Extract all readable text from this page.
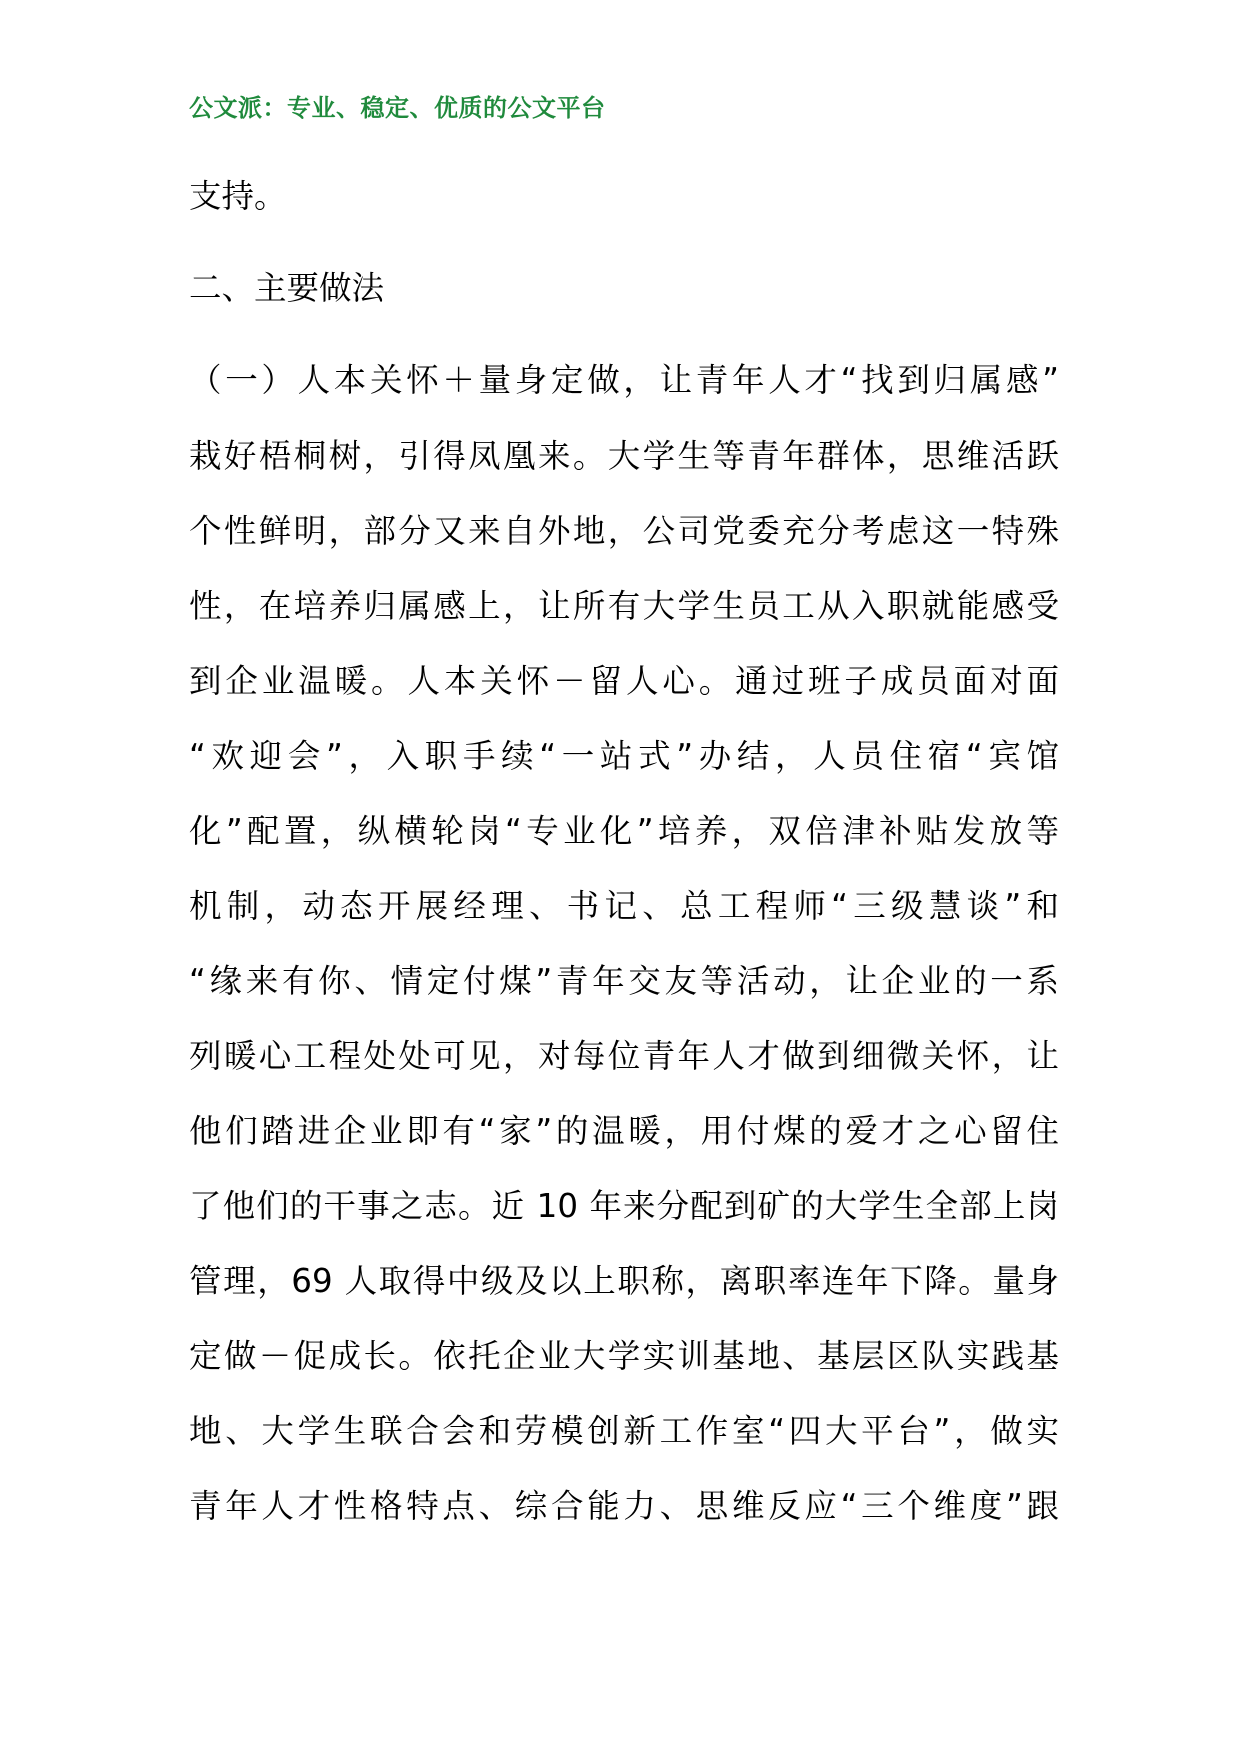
公文派：专业、稳定、优质的公文平台
支持。
二、主要做法
（一）人本关怀＋量身定做，让青年人才“找到归属感”
栽好梧桐树，引得凤凰来。大学生等青年群体，思维活跃
个性鲜明，部分又来自外地，公司党委充分考虑这一特殊
性，在培养归属感上，让所有大学生员工从入职就能感受
到企业温暖。人本关怀－留人心。通过班子成员面对面
“欢迎会”，入职手续“一站式”办结，人员住宿“宾馆
化”配置，纵横轮岗“专业化”培养，双倍津补贴发放等
机制，动态开展经理、书记、总工程师“三级慧谈”和
“缘来有你、情定付煤”青年交友等活动，让企业的一系
列暖心工程处处可见，对每位青年人才做到细微关怀，让
他们踏进企业即有“家”的温暖，用付煤的爱才之心留住
了他们的干事之志。近 10 年来分配到矿的大学生全部上岗
管理，69 人取得中级及以上职称，离职率连年下降。量身
定做－促成长。依托企业大学实训基地、基层区队实践基
地、大学生联合会和劳模创新工作室“四大平台”，做实
青年人才性格特点、综合能力、思维反应“三个维度”跟
